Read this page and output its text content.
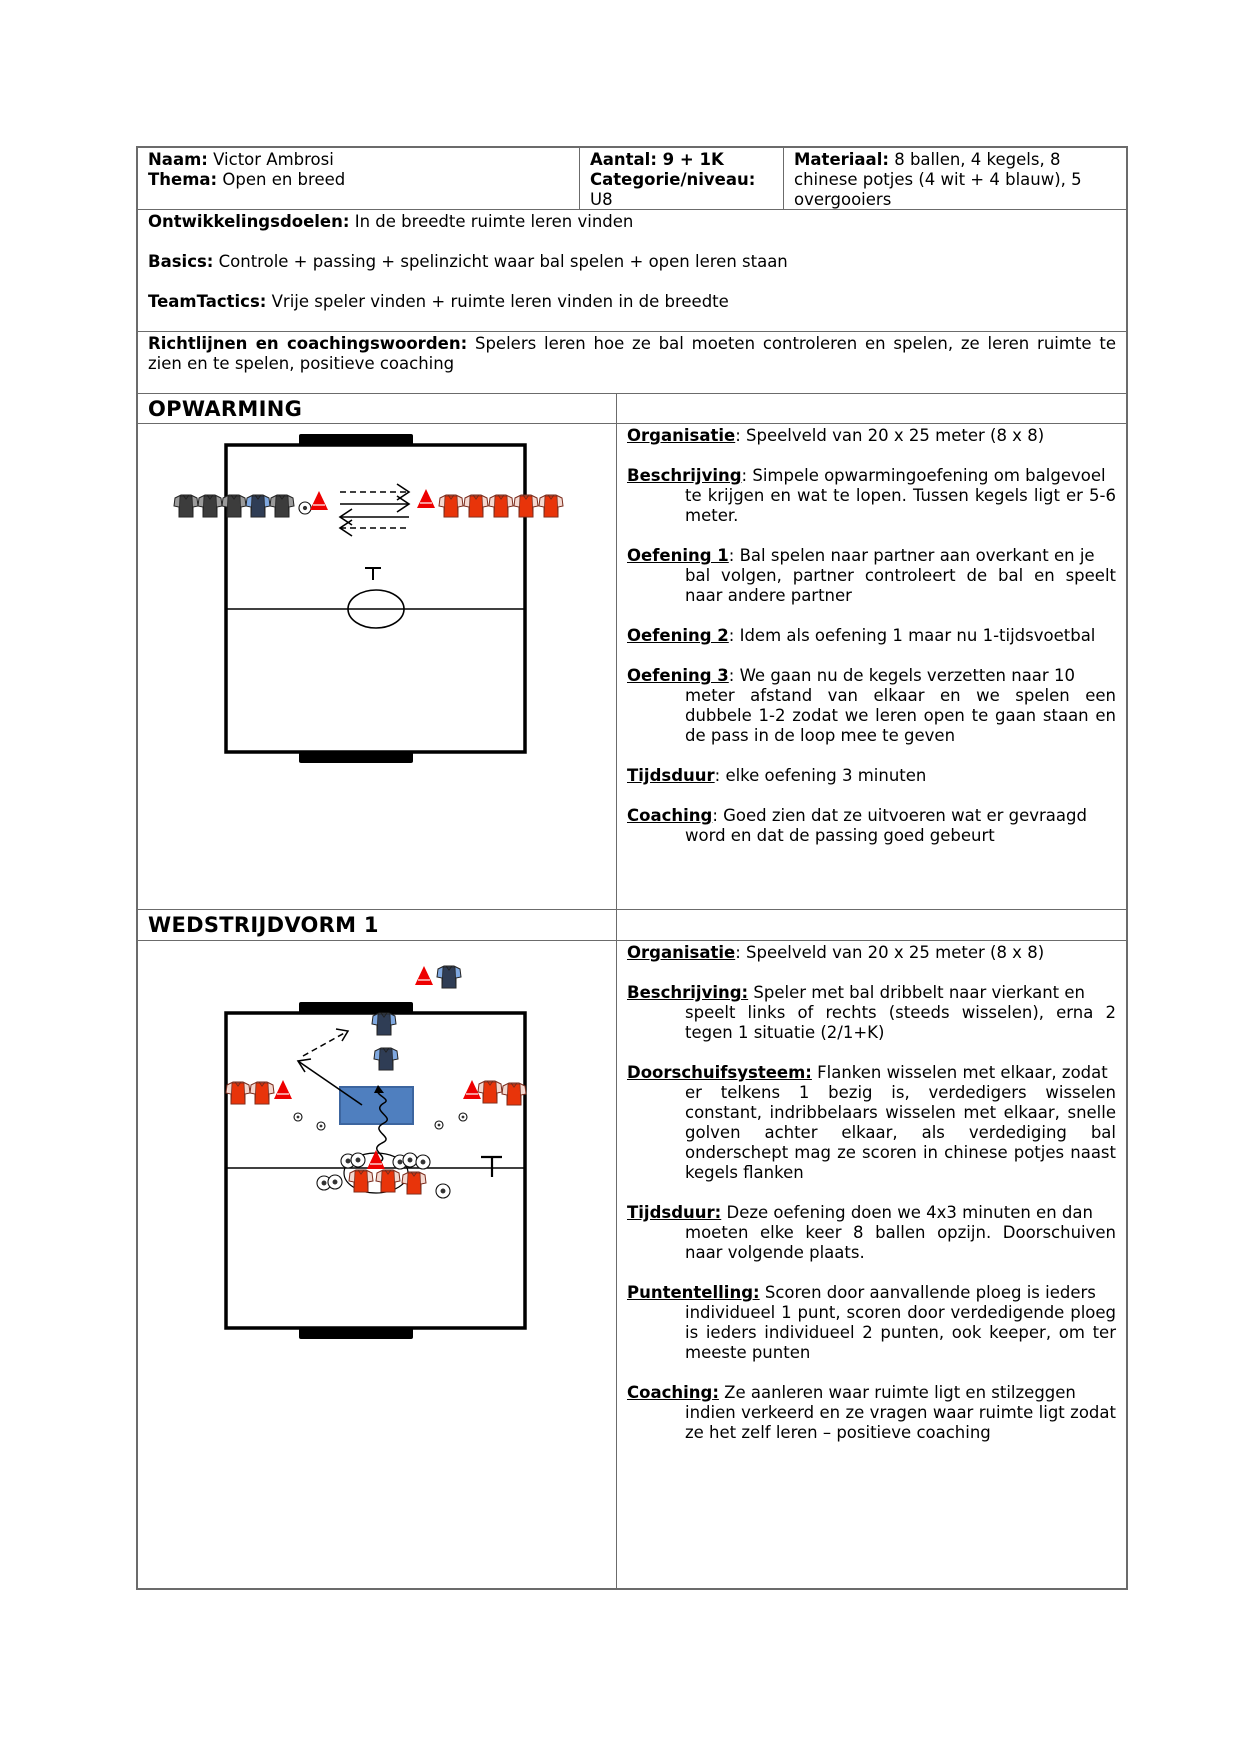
Naam: Victor Ambrosi
Thema: Open en breed
Aantal: 9 + 1K
Categorie/niveau:
U8
Materiaal: 8 ballen, 4 kegels, 8 chinese potjes (4 wit + 4 blauw), 5 overgooiers
Ontwikkelingsdoelen: In de breedte ruimte leren vinden
Basics: Controle + passing + spelinzicht waar bal spelen + open leren staan
TeamTactics: Vrije speler vinden + ruimte leren vinden in de breedte
Richtlijnen en coachingswoorden: Spelers leren hoe ze bal moeten controleren en spelen, ze leren ruimte te zien en te spelen, positieve coaching
OPWARMING
Organisatie: Speelveld van 20 x 25 meter (8 x 8)
Beschrijving: Simpele opwarmingoefening om balgevoel
te krijgen en wat te lopen. Tussen kegels ligt er 5-6 meter.
Oefening 1: Bal spelen naar partner aan overkant en je
bal volgen, partner controleert de bal en speelt naar andere partner
Oefening 2: Idem als oefening 1 maar nu 1-tijdsvoetbal
Oefening 3: We gaan nu de kegels verzetten naar 10
meter afstand van elkaar en we spelen een dubbele 1-2 zodat we leren open te gaan staan en de pass in de loop mee te geven
Tijdsduur: elke oefening 3 minuten
Coaching: Goed zien dat ze uitvoeren wat er gevraagd
word en dat de passing goed gebeurt
WEDSTRIJDVORM 1
Organisatie: Speelveld van 20 x 25 meter (8 x 8)
Beschrijving: Speler met bal dribbelt naar vierkant en
speelt links of rechts (steeds wisselen), erna 2 tegen 1 situatie (2/1+K)
Doorschuifsysteem: Flanken wisselen met elkaar, zodat
er telkens 1 bezig is, verdedigers wisselen constant, indribbelaars wisselen met elkaar, snelle golven achter elkaar, als verdediging bal onderschept mag ze scoren in chinese potjes naast kegels flanken
Tijdsduur: Deze oefening doen we 4x3 minuten en dan
moeten elke keer 8 ballen opzijn. Doorschuiven naar volgende plaats.
Puntentelling: Scoren door aanvallende ploeg is ieders
individueel 1 punt, scoren door verdedigende ploeg is ieders individueel 2 punten, ook keeper, om ter meeste punten
Coaching: Ze aanleren waar ruimte ligt en stilzeggen
indien verkeerd en ze vragen waar ruimte ligt zodat ze het zelf leren – positieve coaching
